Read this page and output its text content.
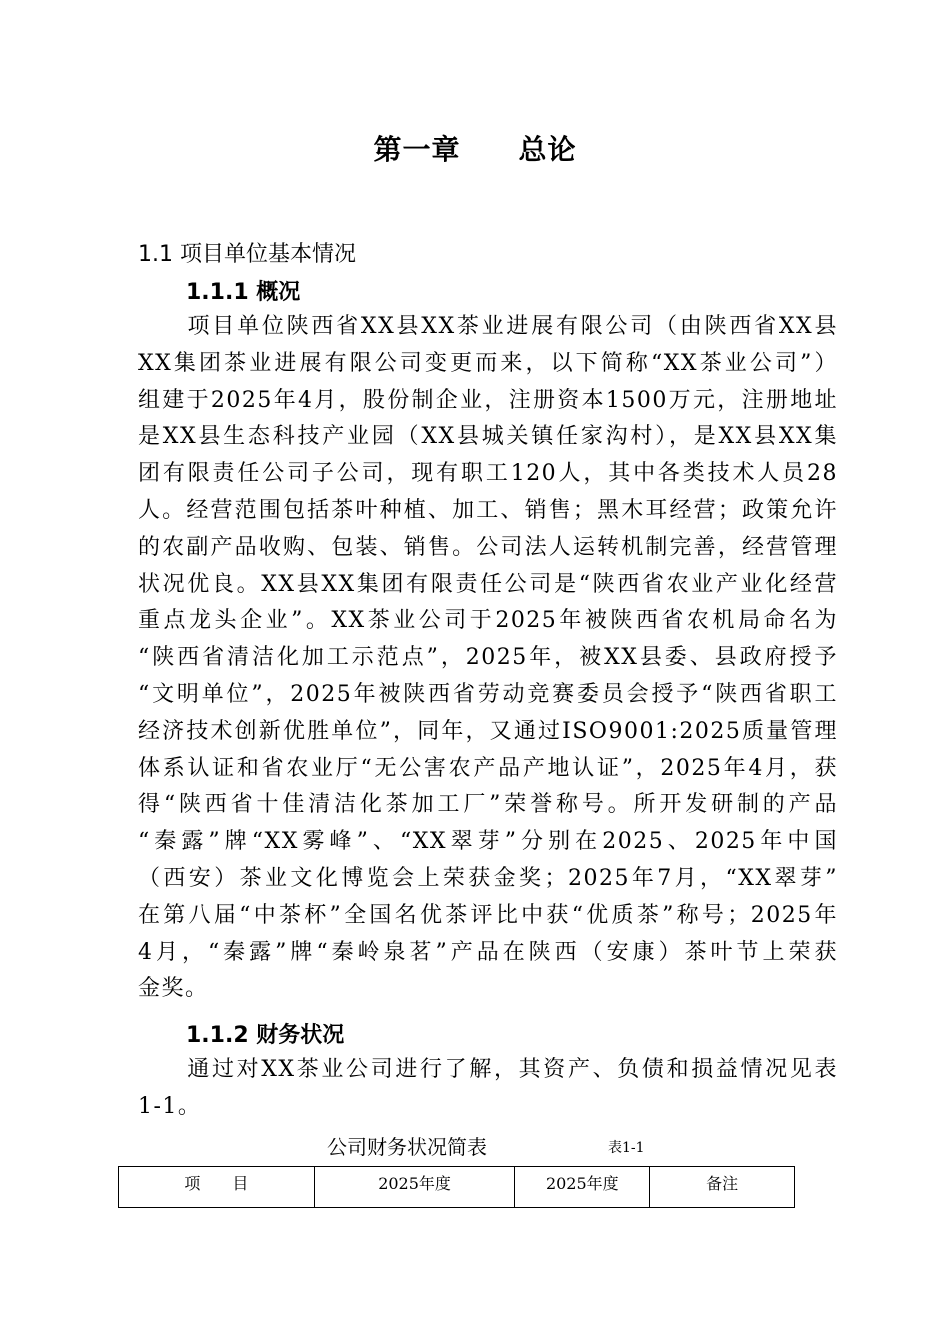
第一章　　总论
1.1 项目单位基本情况
1.1.1 概况
　　项目单位陕西省XX县XX茶业进展有限公司（由陕西省XX县
XX集团茶业进展有限公司变更而来，以下简称“XX茶业公司”）
组建于2025年4月，股份制企业，注册资本1500万元，注册地址
是XX县生态科技产业园（XX县城关镇任家沟村），是XX县XX集
团有限责任公司子公司，现有职工120人，其中各类技术人员28
人。经营范围包括茶叶种植、加工、销售；黑木耳经营；政策允许
的农副产品收购、包装、销售。公司法人运转机制完善，经营管理
状况优良。XX县XX集团有限责任公司是“陕西省农业产业化经营
重点龙头企业”。XX茶业公司于2025年被陕西省农机局命名为
“陕西省清洁化加工示范点”，2025年，被XX县委、县政府授予
“文明单位”，2025年被陕西省劳动竞赛委员会授予“陕西省职工
经济技术创新优胜单位”，同年，又通过ISO9001:2025质量管理
体系认证和省农业厅“无公害农产品产地认证”，2025年4月，获
得“陕西省十佳清洁化茶加工厂”荣誉称号。所开发研制的产品
“秦露”牌“XX雾峰”、“XX翠芽”分别在2025、2025年中国
（西安）茶业文化博览会上荣获金奖；2025年7月，“XX翠芽”
在第八届“中茶杯”全国名优茶评比中获“优质茶”称号；2025年
4月，“秦露”牌“秦岭泉茗”产品在陕西（安康）茶叶节上荣获
金奖。
1.1.2 财务状况
　　通过对XX茶业公司进行了解，其资产、负债和损益情况见表
1-1。
公司财务状况简表	表1-1
项　　目	2025年度	2025年度	备注
